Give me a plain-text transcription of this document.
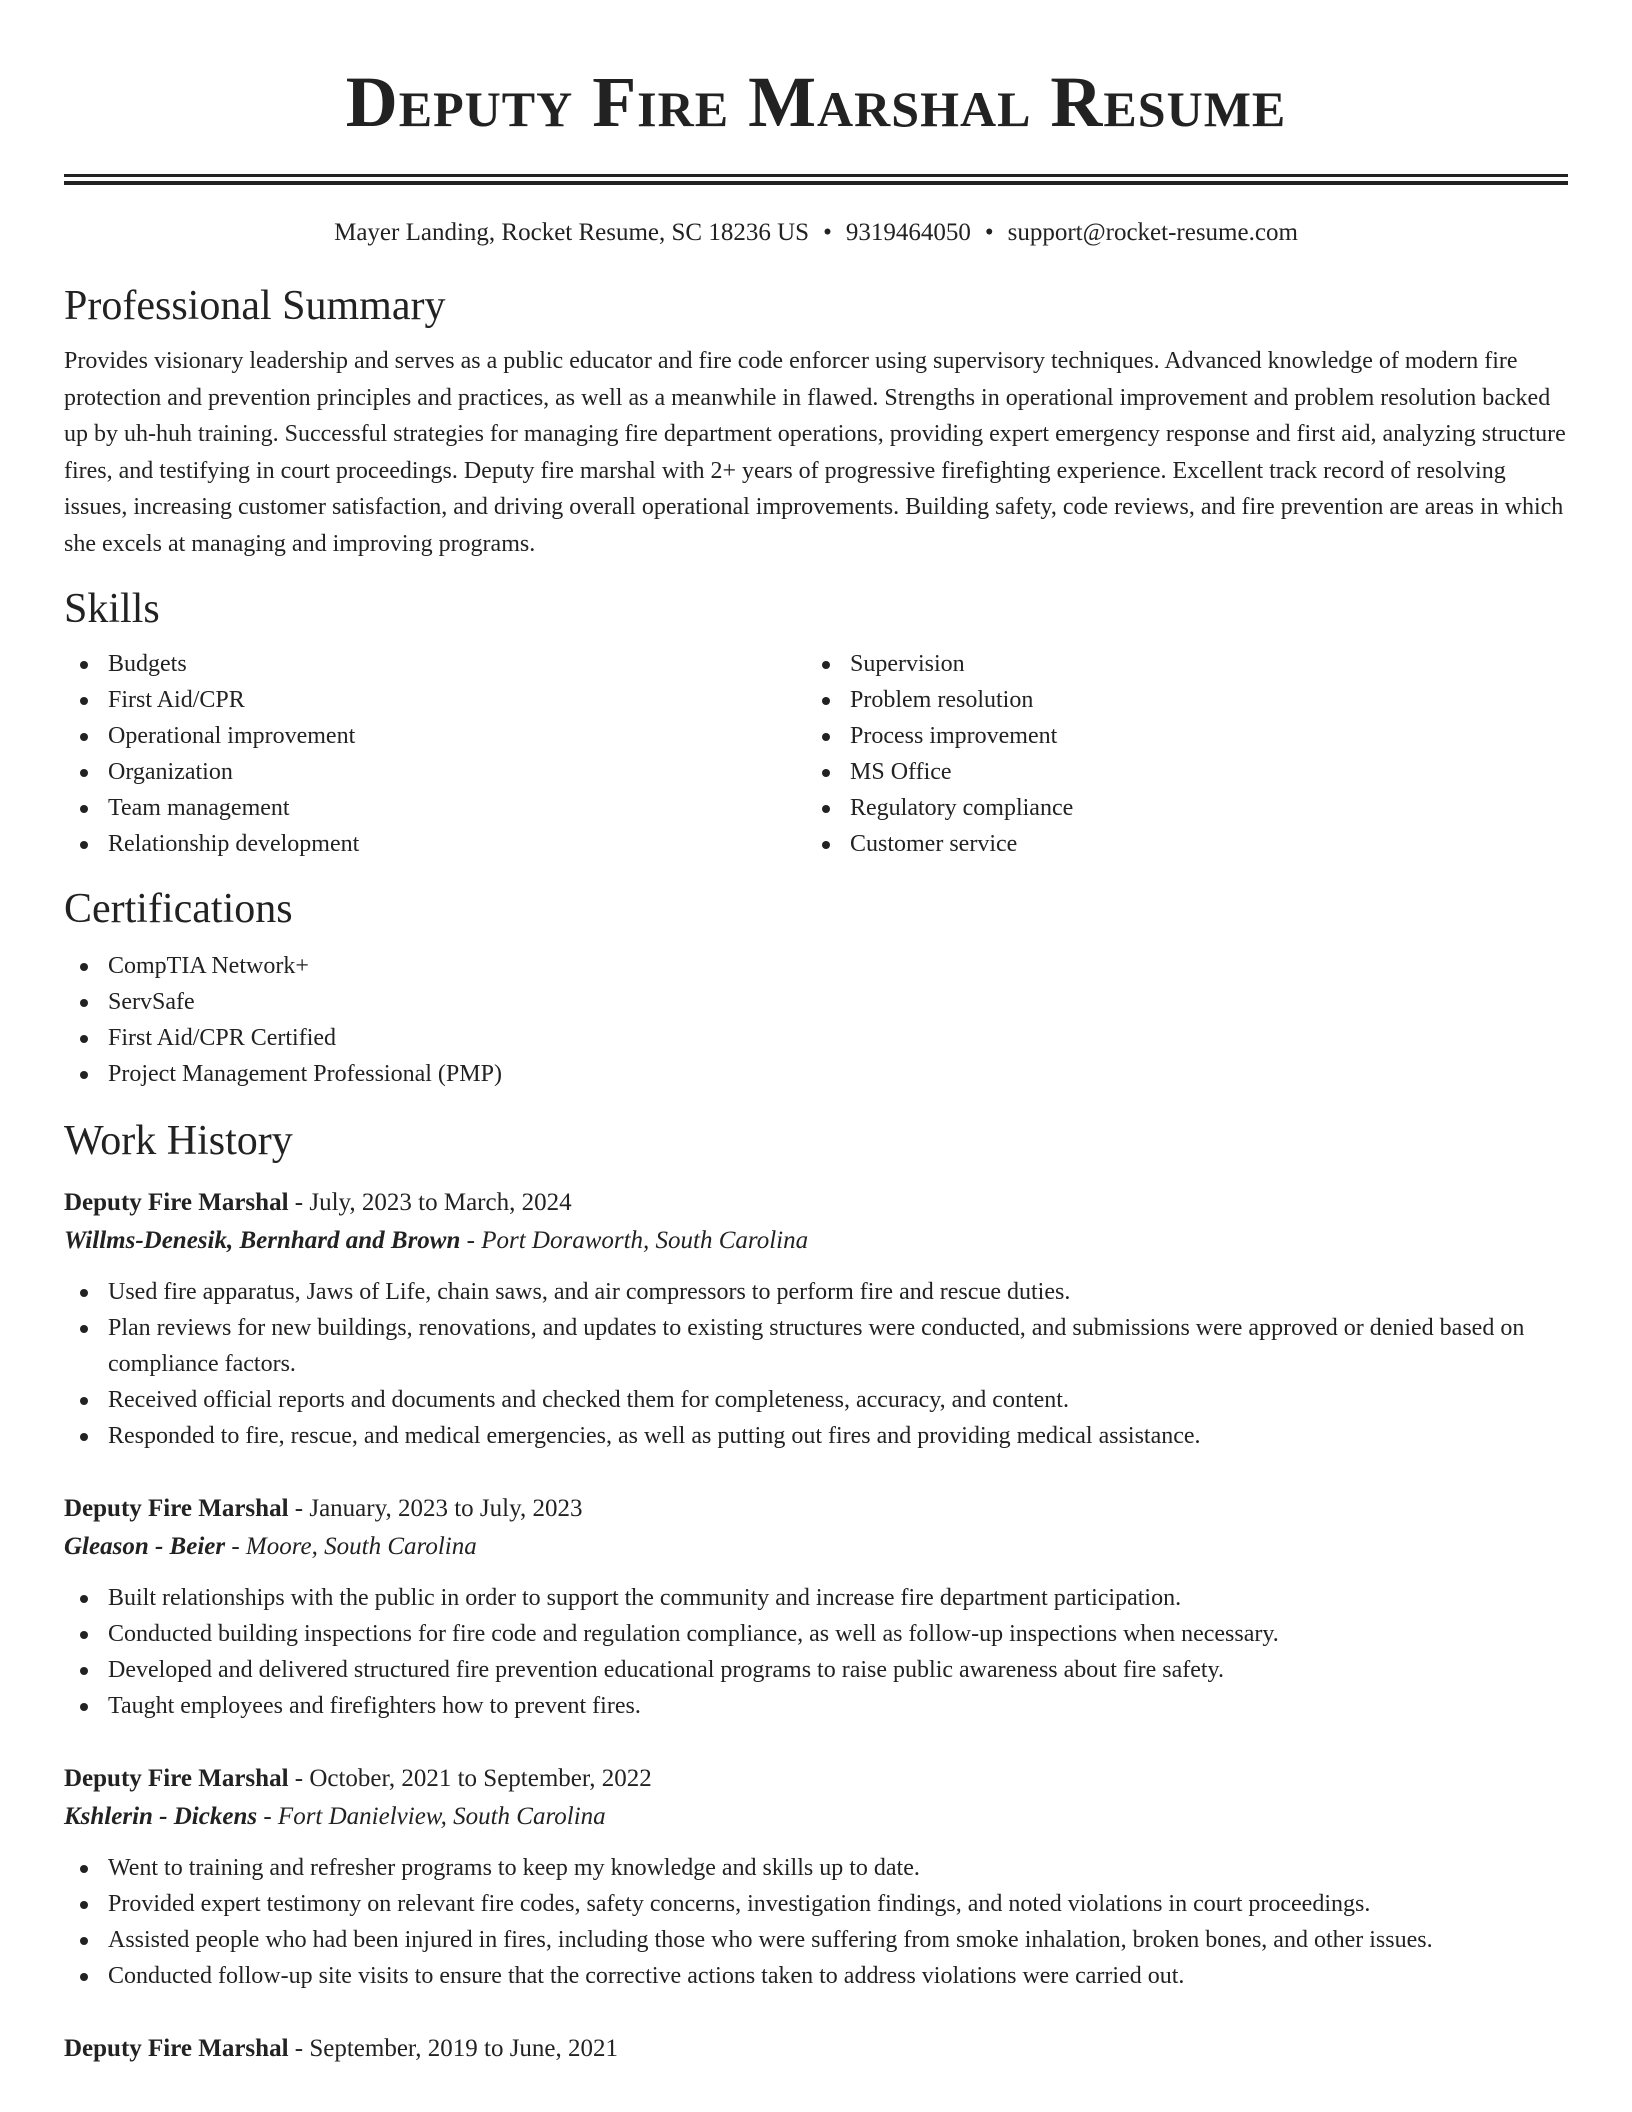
Deputy Fire Marshal Resume
Mayer Landing, Rocket Resume, SC 18236 US • 9319464050 • support@rocket-resume.com
Professional Summary

Provides visionary leadership and serves as a public educator and fire code enforcer using supervisory techniques. Advanced knowledge of modern fire protection and prevention principles and practices, as well as a meanwhile in flawed. Strengths in operational improvement and problem resolution backed up by uh-huh training. Successful strategies for managing fire department operations, providing expert emergency response and first aid, analyzing structure fires, and testifying in court proceedings. Deputy fire marshal with 2+ years of progressive firefighting experience. Excellent track record of resolving issues, increasing customer satisfaction, and driving overall operational improvements. Building safety, code reviews, and fire prevention are areas in which she excels at managing and improving programs.

Skills
Budgets
First Aid/CPR
Operational improvement
Organization
Team management
Relationship development
Supervision
Problem resolution
Process improvement
MS Office
Regulatory compliance
Customer service
Certifications
CompTIA Network+
ServSafe
First Aid/CPR Certified
Project Management Professional (PMP)
Work History
Deputy Fire Marshal - July, 2023 to March, 2024
Willms-Denesik, Bernhard and Brown - Port Doraworth, South Carolina
Used fire apparatus, Jaws of Life, chain saws, and air compressors to perform fire and rescue duties.
Plan reviews for new buildings, renovations, and updates to existing structures were conducted, and submissions were approved or denied based on compliance factors.
Received official reports and documents and checked them for completeness, accuracy, and content.
Responded to fire, rescue, and medical emergencies, as well as putting out fires and providing medical assistance.
Deputy Fire Marshal - January, 2023 to July, 2023
Gleason - Beier - Moore, South Carolina
Built relationships with the public in order to support the community and increase fire department participation.
Conducted building inspections for fire code and regulation compliance, as well as follow-up inspections when necessary.
Developed and delivered structured fire prevention educational programs to raise public awareness about fire safety.
Taught employees and firefighters how to prevent fires.
Deputy Fire Marshal - October, 2021 to September, 2022
Kshlerin - Dickens - Fort Danielview, South Carolina
Went to training and refresher programs to keep my knowledge and skills up to date.
Provided expert testimony on relevant fire codes, safety concerns, investigation findings, and noted violations in court proceedings.
Assisted people who had been injured in fires, including those who were suffering from smoke inhalation, broken bones, and other issues.
Conducted follow-up site visits to ensure that the corrective actions taken to address violations were carried out.
Deputy Fire Marshal - September, 2019 to June, 2021
